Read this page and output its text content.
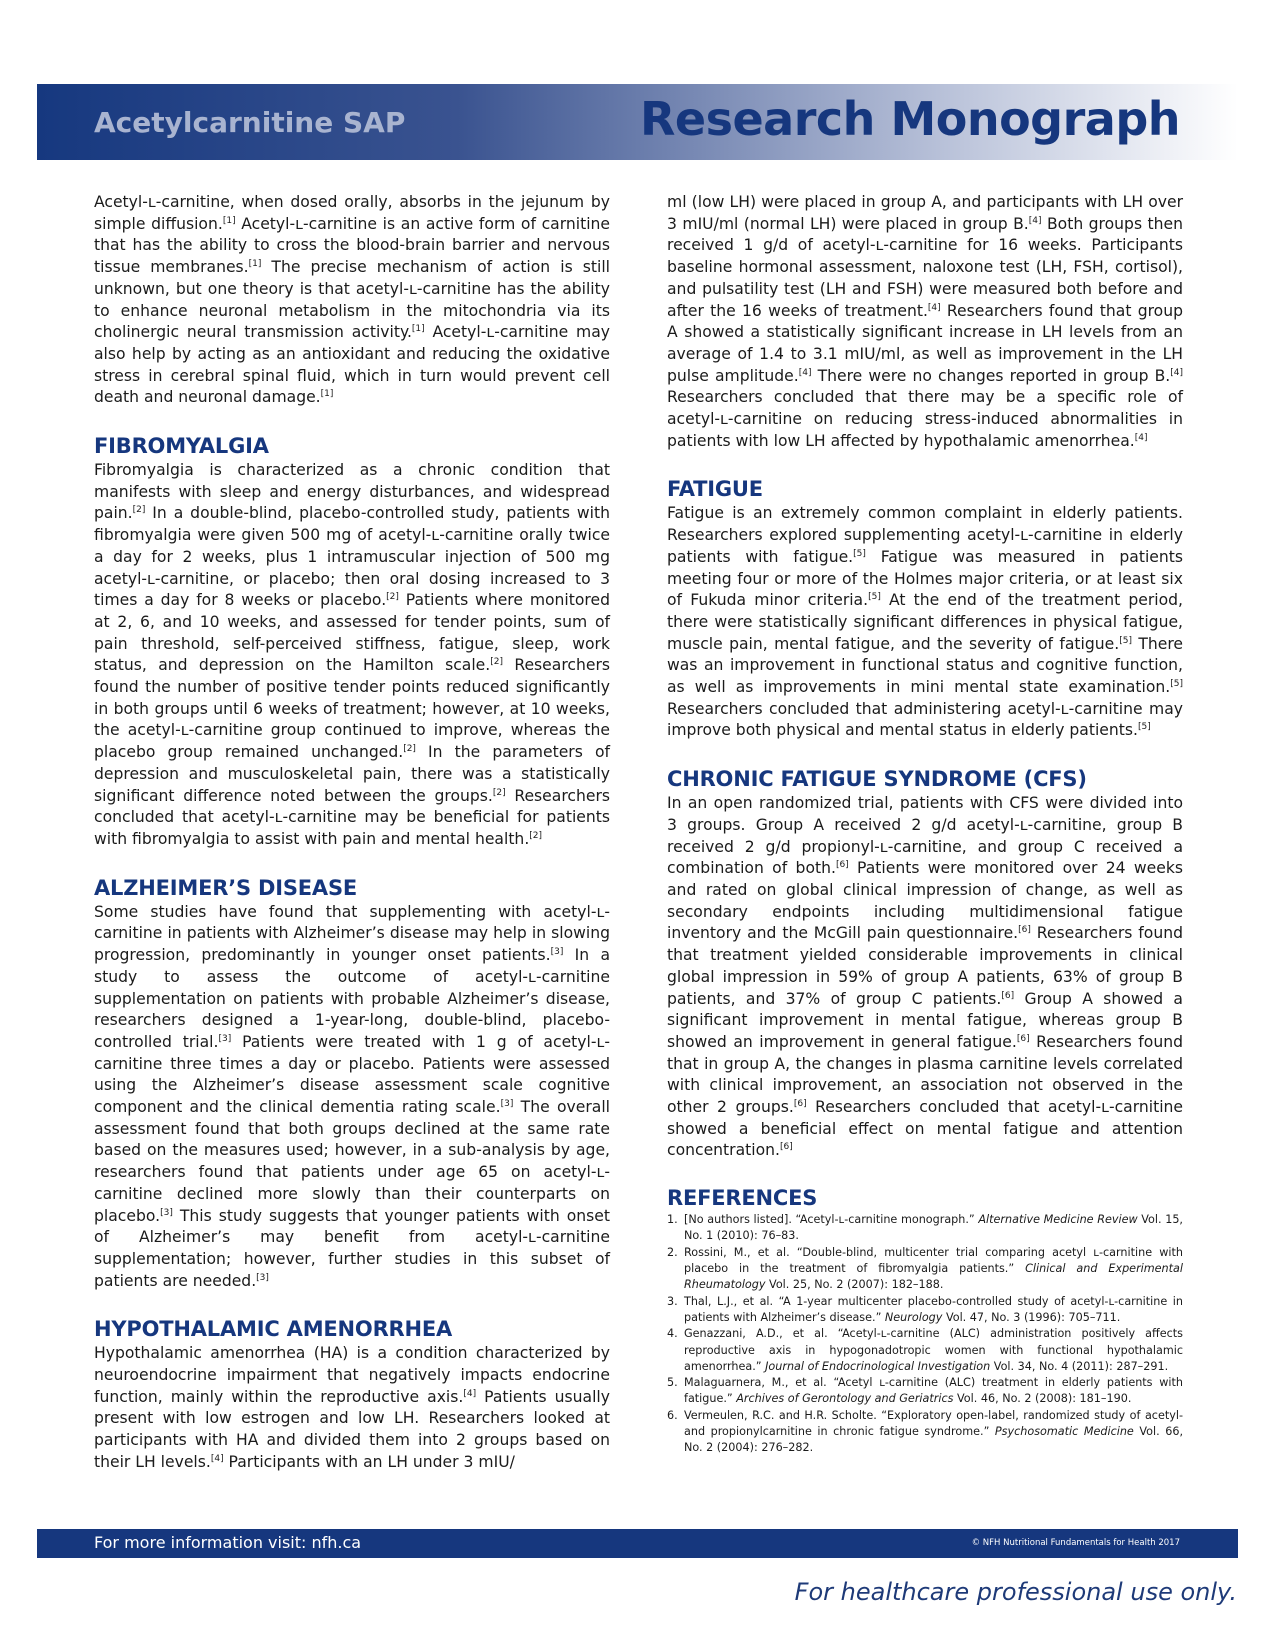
Acetylcarnitine SAP	Research Monograph

Acetyl-ʟ-carnitine, when dosed orally, absorbs in the jejunum by simple diffusion.[1] Acetyl-ʟ-carnitine is an active form of carnitine that has the ability to cross the blood-brain barrier and nervous tissue membranes.[1] The precise mechanism of action is still unknown, but one theory is that acetyl-ʟ-carnitine has the ability to enhance neuronal metabolism in the mitochondria via its cholinergic neural transmission activity.[1] Acetyl-ʟ-carnitine may also help by acting as an antioxidant and reducing the oxidative stress in cerebral spinal fluid, which in turn would prevent cell death and neuronal damage.[1]

FIBROMYALGIA

Fibromyalgia is characterized as a chronic condition that manifests with sleep and energy disturbances, and widespread pain.[2] In a double-blind, placebo-controlled study, patients with fibromyalgia were given 500 mg of acetyl-ʟ-carnitine orally twice a day for 2 weeks, plus 1 intramuscular injection of 500 mg acetyl-ʟ-carnitine, or placebo; then oral dosing increased to 3 times a day for 8 weeks or placebo.[2] Patients where monitored at 2, 6, and 10 weeks, and assessed for tender points, sum of pain threshold, self-perceived stiffness, fatigue, sleep, work status, and depression on the Hamilton scale.[2] Researchers found the number of positive tender points reduced significantly in both groups until 6 weeks of treatment; however, at 10 weeks, the acetyl-ʟ-carnitine group continued to improve, whereas the placebo group remained unchanged.[2] In the parameters of depression and musculoskeletal pain, there was a statistically significant difference noted between the groups.[2] Researchers concluded that acetyl-ʟ-carnitine may be beneficial for patients with fibromyalgia to assist with pain and mental health.[2]

ALZHEIMER’S DISEASE

Some studies have found that supplementing with acetyl-ʟ-carnitine in patients with Alzheimer’s disease may help in slowing progression, predominantly in younger onset patients.[3] In a study to assess the outcome of acetyl-ʟ-carnitine supplementation on patients with probable Alzheimer’s disease, researchers designed a 1-year-long, double-blind, placebo-controlled trial.[3] Patients were treated with 1 g of acetyl-ʟ-carnitine three times a day or placebo. Patients were assessed using the Alzheimer’s disease assessment scale cognitive component and the clinical dementia rating scale.[3] The overall assessment found that both groups declined at the same rate based on the measures used; however, in a sub-analysis by age, researchers found that patients under age 65 on acetyl-ʟ-carnitine declined more slowly than their counterparts on placebo.[3] This study suggests that younger patients with onset of Alzheimer’s may benefit from acetyl-ʟ-carnitine supplementation; however, further studies in this subset of patients are needed.[3]

HYPOTHALAMIC AMENORRHEA

Hypothalamic amenorrhea (HA) is a condition characterized by neuroendocrine impairment that negatively impacts endocrine function, mainly within the reproductive axis.[4] Patients usually present with low estrogen and low LH. Researchers looked at participants with HA and divided them into 2 groups based on their LH levels.[4] Participants with an LH under 3 mIU/

ml (low LH) were placed in group A, and participants with LH over 3 mIU/ml (normal LH) were placed in group B.[4] Both groups then received 1 g/d of acetyl-ʟ-carnitine for 16 weeks. Participants baseline hormonal assessment, naloxone test (LH, FSH, cortisol), and pulsatility test (LH and FSH) were measured both before and after the 16 weeks of treatment.[4] Researchers found that group A showed a statistically significant increase in LH levels from an average of 1.4 to 3.1 mIU/ml, as well as improvement in the LH pulse amplitude.[4] There were no changes reported in group B.[4] Researchers concluded that there may be a specific role of acetyl-ʟ-carnitine on reducing stress-induced abnormalities in patients with low LH affected by hypothalamic amenorrhea.[4]

FATIGUE

Fatigue is an extremely common complaint in elderly patients. Researchers explored supplementing acetyl-ʟ-carnitine in elderly patients with fatigue.[5] Fatigue was measured in patients meeting four or more of the Holmes major criteria, or at least six of Fukuda minor criteria.[5] At the end of the treatment period, there were statistically significant differences in physical fatigue, muscle pain, mental fatigue, and the severity of fatigue.[5] There was an improvement in functional status and cognitive function, as well as improvements in mini mental state examination.[5] Researchers concluded that administering acetyl-ʟ-carnitine may improve both physical and mental status in elderly patients.[5]

CHRONIC FATIGUE SYNDROME (CFS)

In an open randomized trial, patients with CFS were divided into 3 groups. Group A received 2 g/d acetyl-ʟ-carnitine, group B received 2 g/d propionyl-ʟ-carnitine, and group C received a combination of both.[6] Patients were monitored over 24 weeks and rated on global clinical impression of change, as well as secondary endpoints including multidimensional fatigue inventory and the McGill pain questionnaire.[6] Researchers found that treatment yielded considerable improvements in clinical global impression in 59% of group A patients, 63% of group B patients, and 37% of group C patients.[6] Group A showed a significant improvement in mental fatigue, whereas group B showed an improvement in general fatigue.[6] Researchers found that in group A, the changes in plasma carnitine levels correlated with clinical improvement, an association not observed in the other 2 groups.[6] Researchers concluded that acetyl-ʟ-carnitine showed a beneficial effect on mental fatigue and attention concentration.[6]

REFERENCES
1. [No authors listed]. “Acetyl-ʟ-carnitine monograph.” Alternative Medicine Review Vol. 15, No. 1 (2010): 76–83.
2. Rossini, M., et al. “Double-blind, multicenter trial comparing acetyl ʟ-carnitine with placebo in the treatment of fibromyalgia patients.” Clinical and Experimental Rheumatology Vol. 25, No. 2 (2007): 182–188.
3. Thal, L.J., et al. “A 1-year multicenter placebo-controlled study of acetyl-ʟ-carnitine in patients with Alzheimer’s disease.” Neurology Vol. 47, No. 3 (1996): 705–711.
4. Genazzani, A.D., et al. “Acetyl-ʟ-carnitine (ALC) administration positively affects reproductive axis in hypogonadotropic women with functional hypothalamic amenorrhea.” Journal of Endocrinological Investigation Vol. 34, No. 4 (2011): 287–291.
5. Malaguarnera, M., et al. “Acetyl ʟ-carnitine (ALC) treatment in elderly patients with fatigue.” Archives of Gerontology and Geriatrics Vol. 46, No. 2 (2008): 181–190.
6. Vermeulen, R.C. and H.R. Scholte. “Exploratory open-label, randomized study of acetyl- and propionylcarnitine in chronic fatigue syndrome.” Psychosomatic Medicine Vol. 66, No. 2 (2004): 276–282.
For more information visit: nfh.ca	© NFH Nutritional Fundamentals for Health 2017
For healthcare professional use only.
